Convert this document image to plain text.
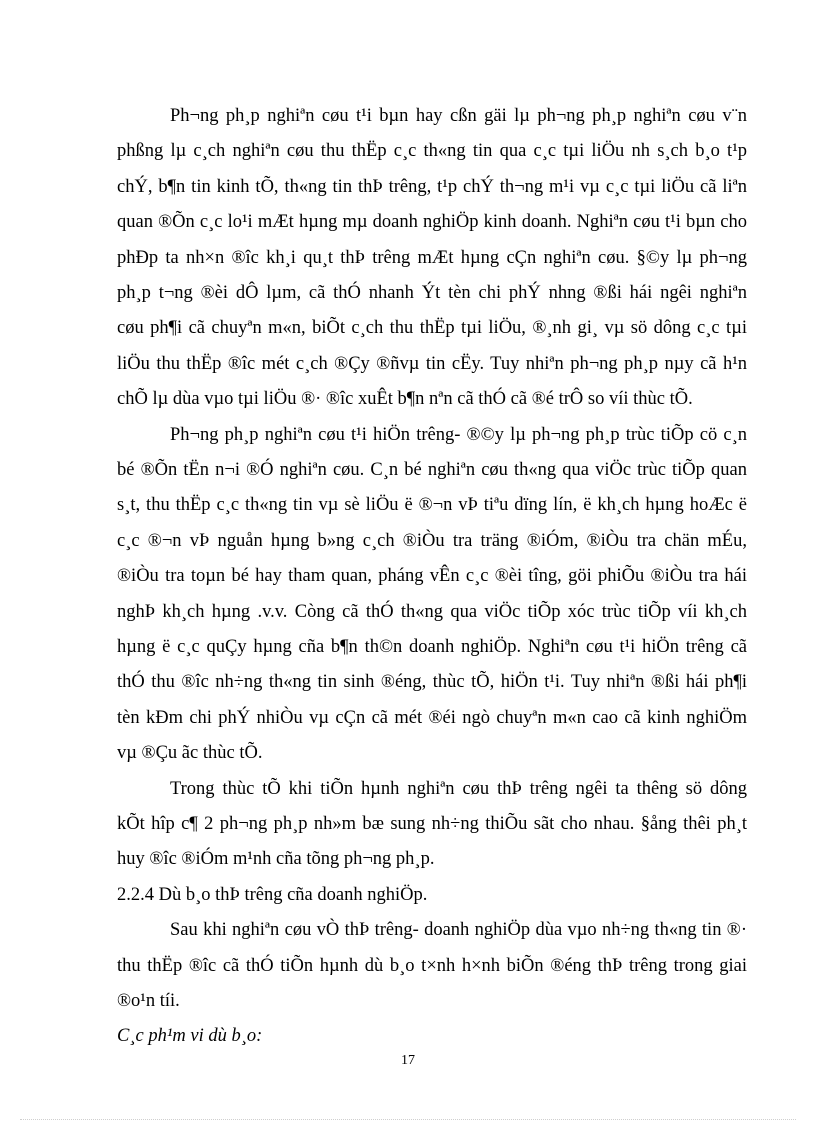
Ph¬ng ph¸p nghiªn cøu t¹i bµn hay cßn gäi lµ ph¬ng ph¸p nghiªn cøu v¨n
phßng lµ c¸ch nghiªn cøu thu thËp c¸c th«ng tin qua c¸c tµi liÖu nh s¸ch b¸o t¹p
chÝ, b¶n tin kinh tÕ, th«ng tin thÞ trêng, t¹p chÝ th¬ng m¹i vµ c¸c tµi liÖu cã liªn
quan ®Õn c¸c lo¹i mÆt hµng mµ doanh nghiÖp kinh doanh. Nghiªn cøu t¹i bµn cho
phÐp ta nh×n ®îc kh¸i qu¸t thÞ trêng mÆt hµng cÇn nghiªn cøu. §©y lµ ph¬ng
ph¸p t¬ng ®èi dÔ lµm, cã thÓ nhanh Ýt tèn chi phÝ nhng ®ßi hái ngêi nghiªn
cøu ph¶i cã chuyªn m«n, biÕt c¸ch thu thËp tµi liÖu, ®¸nh gi¸ vµ sö dông c¸c tµi
liÖu thu thËp ®îc mét c¸ch ®Çy ®ñvµ tin cËy. Tuy nhiªn ph¬ng ph¸p nµy cã h¹n
chÕ lµ dùa vµo tµi liÖu ®· ®îc xuÊt b¶n nªn cã thÓ cã ®é trÔ so víi thùc tÕ.
Ph¬ng ph¸p nghiªn cøu t¹i hiÖn trêng- ®©y lµ ph¬ng ph¸p trùc tiÕp cö c¸n
bé ®Õn tËn n¬i ®Ó nghiªn cøu. C¸n bé nghiªn cøu th«ng qua viÖc trùc tiÕp quan
s¸t, thu thËp c¸c th«ng tin vµ sè liÖu ë ®¬n vÞ tiªu dïng lín, ë kh¸ch hµng hoÆc ë
c¸c ®¬n vÞ nguån hµng b»ng c¸ch ®iÒu tra träng ®iÓm, ®iÒu tra chän mÉu,
®iÒu tra toµn bé hay tham quan, pháng vÊn c¸c ®èi tîng, göi phiÕu ®iÒu tra hái
nghÞ kh¸ch hµng .v.v. Còng cã thÓ th«ng qua viÖc tiÕp xóc trùc tiÕp víi kh¸ch
hµng ë c¸c quÇy hµng cña b¶n th©n doanh nghiÖp. Nghiªn cøu t¹i hiÖn trêng cã
thÓ thu ®îc nh÷ng th«ng tin sinh ®éng, thùc tÕ, hiÖn t¹i. Tuy nhiªn ®ßi hái ph¶i
tèn kÐm chi phÝ nhiÒu vµ cÇn cã mét ®éi ngò chuyªn m«n cao cã kinh nghiÖm
vµ ®Çu ãc thùc tÕ.
Trong thùc tÕ khi tiÕn hµnh nghiªn cøu thÞ trêng ngêi ta thêng sö dông
kÕt hîp c¶ 2 ph¬ng ph¸p nh»m bæ sung nh÷ng thiÕu sãt cho nhau. §ång thêi ph¸t
huy ®îc ®iÓm m¹nh cña tõng ph¬ng ph¸p.
2.2.4 Dù b¸o thÞ trêng cña doanh nghiÖp.
Sau khi nghiªn cøu vÒ thÞ trêng- doanh nghiÖp dùa vµo nh÷ng th«ng tin ®·
thu thËp ®îc cã thÓ tiÕn hµnh dù b¸o t×nh h×nh biÕn ®éng thÞ trêng trong giai
®o¹n tíi.
C¸c ph¹m vi dù b¸o:
17
